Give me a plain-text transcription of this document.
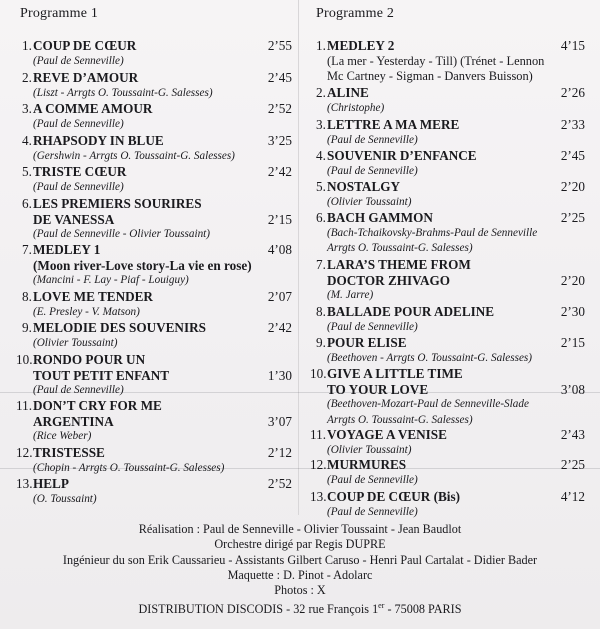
Programme 1	Programme 2
1. COUP DE CŒUR
(Paul de Senneville)
2’55
2. REVE D’AMOUR
(Liszt - Arrgts O. Toussaint-G. Salesses)
2’45
3. A COMME AMOUR
(Paul de Senneville)
2’52
4. RHAPSODY IN BLUE
(Gershwin - Arrgts O. Toussaint-G. Salesses)
3’25
5. TRISTE CŒUR
(Paul de Senneville)
2’42
6. LES PREMIERS SOURIRES
DE VANESSA
(Paul de Senneville - Olivier Toussaint)
2’15
7. MEDLEY 1
(Moon river-Love story-La vie en rose)
(Mancini - F. Lay - Piaf - Louiguy)
4’08
8. LOVE ME TENDER
(E. Presley - V. Matson)
2’07
9. MELODIE DES SOUVENIRS
(Olivier Toussaint)
2’42
10. RONDO POUR UN
TOUT PETIT ENFANT
(Paul de Senneville)
1’30
11. DON’T CRY FOR ME
ARGENTINA
(Rice Weber)
3’07
12. TRISTESSE
(Chopin - Arrgts O. Toussaint-G. Salesses)
2’12
13. HELP
(O. Toussaint)
2’52
1. MEDLEY 2
(La mer - Yesterday - Till) (Trénet - Lennon
Mc Cartney - Sigman - Danvers Buisson)
4’15
2. ALINE
(Christophe)
2’26
3. LETTRE A MA MERE
(Paul de Senneville)
2’33
4. SOUVENIR D’ENFANCE
(Paul de Senneville)
2’45
5. NOSTALGY
(Olivier Toussaint)
2’20
6. BACH GAMMON
(Bach-Tchaikovsky-Brahms-Paul de Senneville
Arrgts O. Toussaint-G. Salesses)
2’25
7. LARA’S THEME FROM
DOCTOR ZHIVAGO
(M. Jarre)
2’20
8. BALLADE POUR ADELINE
(Paul de Senneville)
2’30
9. POUR ELISE
(Beethoven - Arrgts O. Toussaint-G. Salesses)
2’15
10. GIVE A LITTLE TIME
TO YOUR LOVE
(Beethoven-Mozart-Paul de Senneville-Slade
Arrgts O. Toussaint-G. Salesses)
3’08
11. VOYAGE A VENISE
(Olivier Toussaint)
2’43
12. MURMURES
(Paul de Senneville)
2’25
13. COUP DE CŒUR (Bis)
(Paul de Senneville)
4’12
Réalisation : Paul de Senneville - Olivier Toussaint - Jean Baudlot
Orchestre dirigé par Regis DUPRE
Ingénieur du son Erik Caussarieu - Assistants Gilbert Caruso - Henri Paul Cartalat - Didier Bader
Maquette : D. Pinot - Adolarc
Photos : X
DISTRIBUTION DISCODIS - 32 rue François 1er - 75008 PARIS
